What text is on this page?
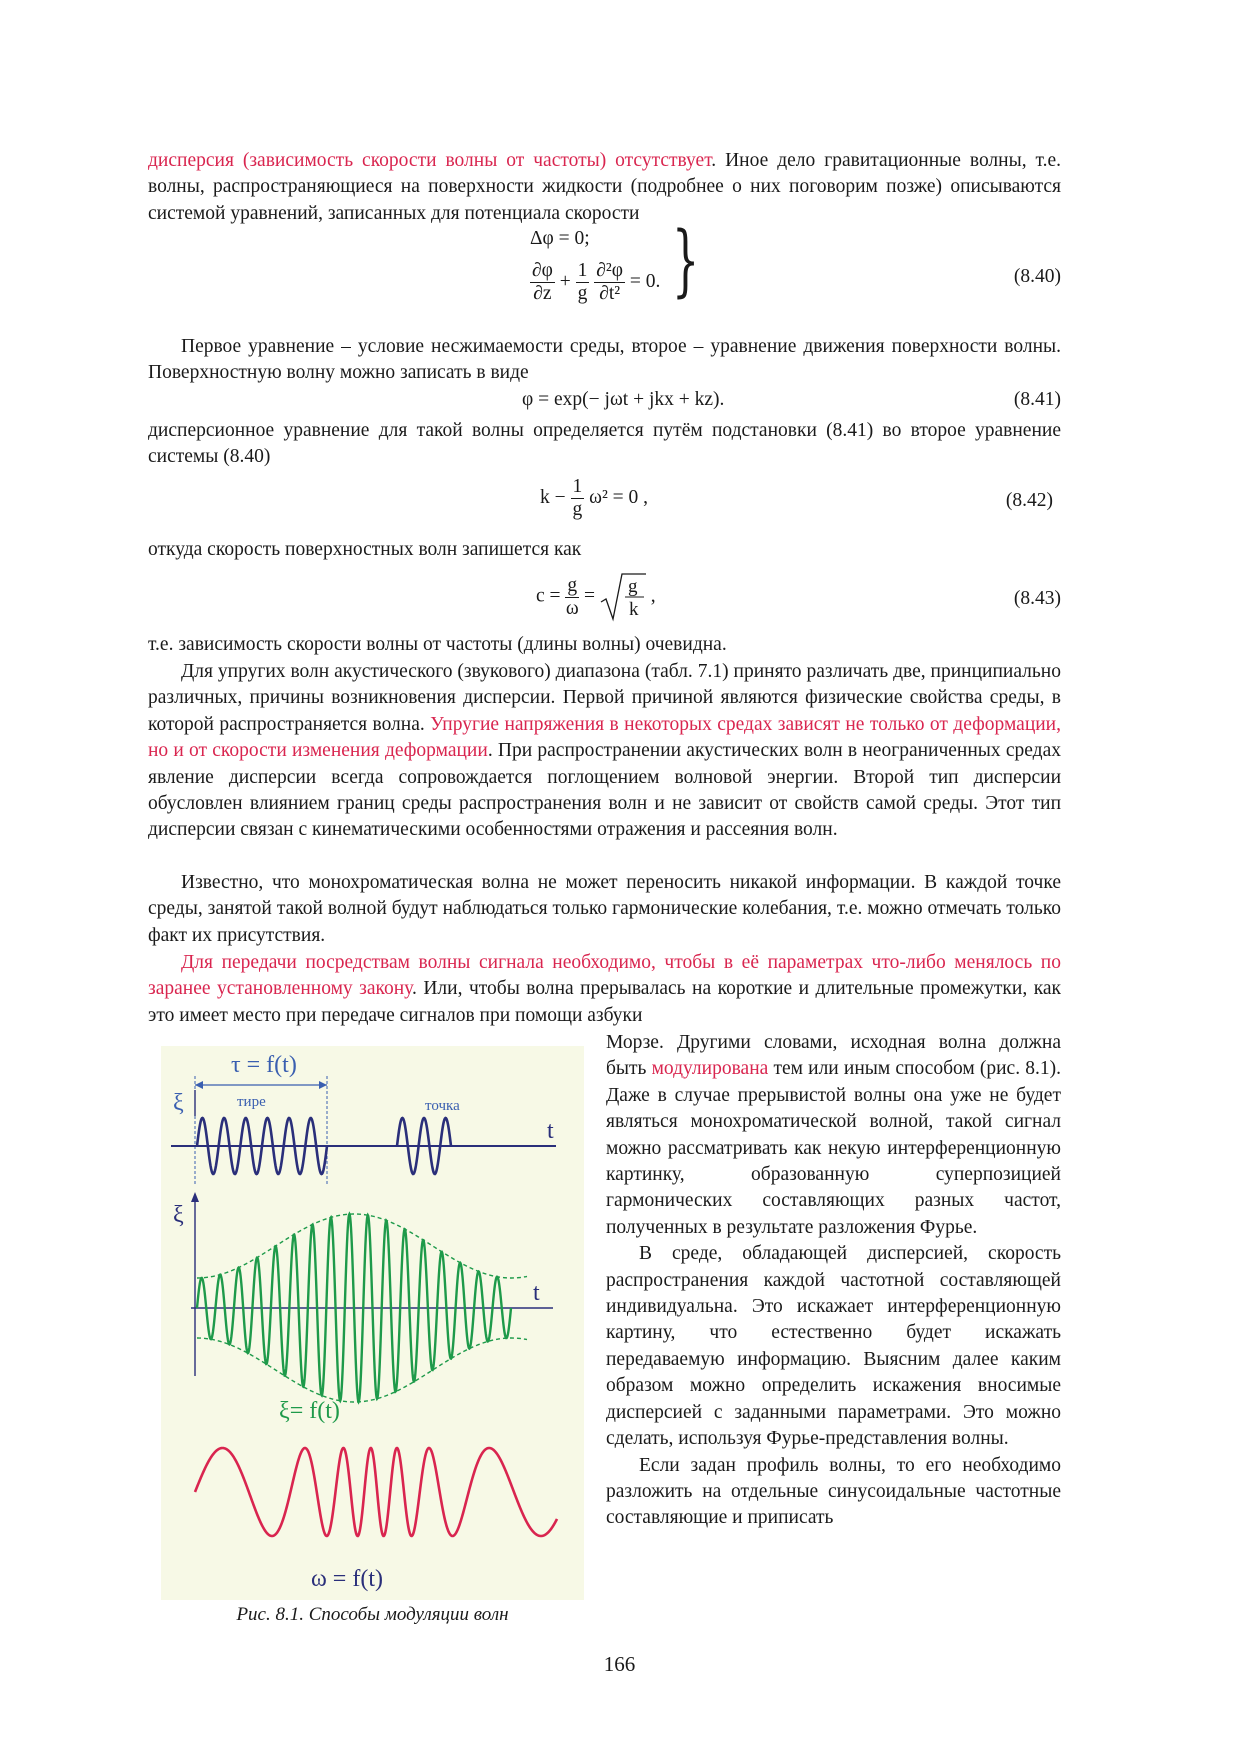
дисперсия (зависимость скорости волны от частоты) отсутствует. Иное дело гравитационные волны, т.е. волны, распространяющиеся на поверхности жидкости (подробнее о них поговорим позже) описываются системой уравнений, записанных для потенциала скорости

Δφ = 0;
$\frac{\partial\varphi}{\partial z} + \frac{1}{g}$
$\frac{\text{∂²φ}}{\text{∂t²}} = 0$. }	(8.40)

Первое уравнение – условие несжимаемости среды, второе – уравнение движения поверхности волны. Поверхностную волну можно записать в виде

φ = exp(− jωt + jkx + kz).	(8.41)

дисперсионное уравнение для такой волны определяется путём подстановки (8.41) во второе уравнение системы (8.40)

$k - \frac{1}{g} \omega^2 = 0$ ,	(8.42)

откуда скорость поверхностных волн запишется как

$c = \frac{g}{\omega} = g$
k
,	(8.43)

т.е. зависимость скорости волны от частоты (длины волны) очевидна.

Для упругих волн акустического (звукового) диапазона (табл. 7.1) принято различать две, принципиально различных, причины возникновения дисперсии. Первой причиной являются физические свойства среды, в которой распространяется волна. Упругие напряжения в некоторых средах зависят не только от деформации, но и от скорости изменения деформации. При распространении акустических волн в неограниченных средах явление дисперсии всегда сопровождается поглощением волновой энергии. Второй тип дисперсии обусловлен влиянием границ среды распространения волн и не зависит от свойств самой среды. Этот тип дисперсии связан с кинематическими особенностями отражения и рассеяния волн.

Известно, что монохроматическая волна не может переносить никакой информации. В каждой точке среды, занятой такой волной будут наблюдаться только гармонические колебания, т.е. можно отмечать только факт их присутствия.

Для передачи посредствам волны сигнала необходимо, чтобы в её параметрах что-либо менялось по заранее установленному закону. Или, чтобы волна прерывалась на короткие и длительные промежутки, как это имеет место при передаче сигналов при помощи азбуки

Морзе. Другими словами, исходная волна должна быть модулирована тем или иным способом (рис. 8.1). Даже в случае прерывистой волны она уже не будет являться монохроматической волной, такой сигнал можно рассматривать как некую интерференционную картинку, образованную суперпозицией гармонических составляющих разных частот, полученных в результате разложения Фурье.

В среде, обладающей дисперсией, скорость распространения каждой частотной составляющей индивидуальна. Это искажает интерференционную картину, что естественно будет искажать передаваемую информацию. Выясним далее каким образом можно определить искажения вносимые дисперсией с заданными параметрами. Это можно сделать, используя Фурье-представления волны.

Если задан профиль волны, то его необходимо разложить на отдельные синусоидальные частотные составляющие и приписать

τ = f(t)
тире	точка
ξ
t
ξ
t
ξ= f(t)
ω = f(t)
Рис. 8.1. Способы модуляции волн
166
